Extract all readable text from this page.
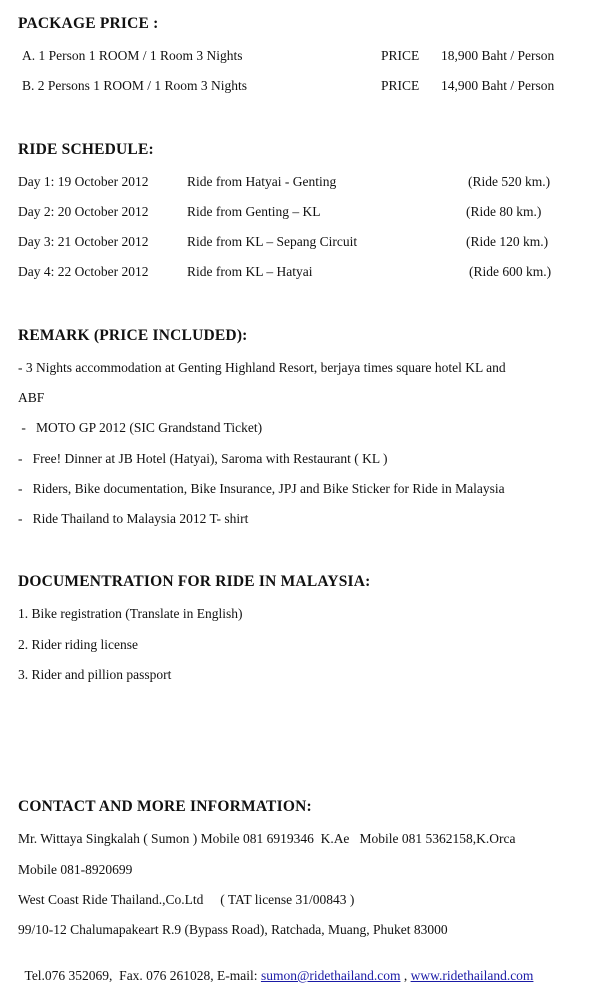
PACKAGE PRICE :
A. 1 Person 1 ROOM / 1 Room 3 Nights	PRICE 18,900 Baht / Person
B. 2 Persons 1 ROOM / 1 Room 3 Nights	PRICE 14,900 Baht / Person
RIDE SCHEDULE:
Day 1: 19 October 2012	Ride from Hatyai - Genting	(Ride 520 km.)
Day 2: 20 October 2012	Ride from Genting – KL	(Ride 80 km.)
Day 3: 21 October 2012	Ride from KL – Sepang Circuit	(Ride 120 km.)
Day 4: 22 October 2012	Ride from KL – Hatyai	(Ride 600 km.)
REMARK (PRICE INCLUDED):
- 3 Nights accommodation at Genting Highland Resort, berjaya times square hotel KL and
ABF
-   MOTO GP 2012 (SIC Grandstand Ticket)
-   Free! Dinner at JB Hotel (Hatyai), Saroma with Restaurant ( KL )
-   Riders, Bike documentation, Bike Insurance, JPJ and Bike Sticker for Ride in Malaysia
-   Ride Thailand to Malaysia 2012 T- shirt
DOCUMENTRATION FOR RIDE IN MALAYSIA:
1. Bike registration (Translate in English)
2. Rider riding license
3. Rider and pillion passport
CONTACT AND MORE INFORMATION:
Mr. Wittaya Singkalah ( Sumon ) Mobile 081 6919346  K.Ae   Mobile 081 5362158,K.Orca
Mobile 081-8920699
West Coast Ride Thailand.,Co.Ltd     ( TAT license 31/00843 )
99/10-12 Chalumapakeart R.9 (Bypass Road), Ratchada, Muang, Phuket 83000

Tel.076 352069,  Fax. 076 261028, E-mail: sumon@ridethailand.com , www.ridethailand.com
